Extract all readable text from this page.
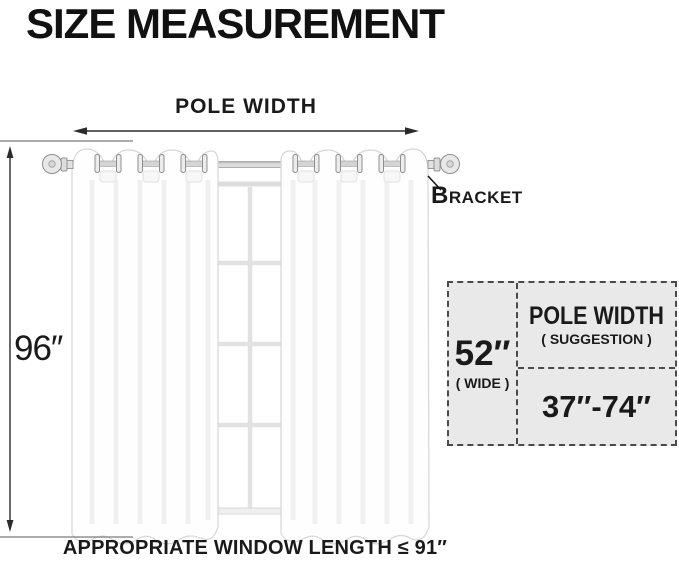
SIZE MEASUREMENT
POLE WIDTH
96″
Bracket
APPROPRIATE WINDOW LENGTH ≤ 91″
52″
( WIDE )
POLE WIDTH
( SUGGESTION )
37″-74″
